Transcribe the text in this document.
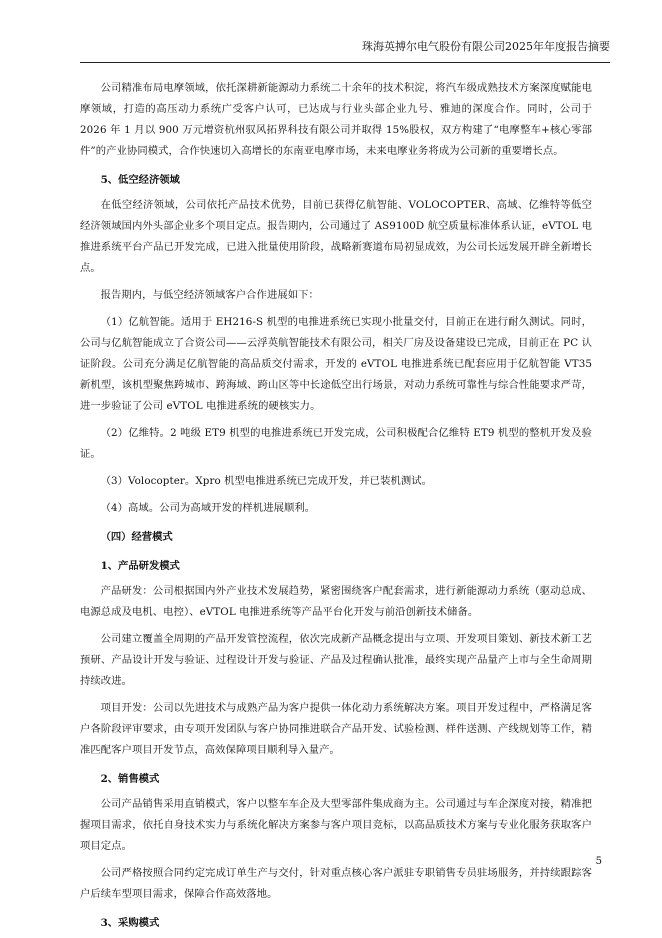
珠海英搏尔电气股份有限公司2025年年度报告摘要

公司精准布局电摩领域，依托深耕新能源动力系统二十余年的技术积淀，将汽车级成熟技术方案深度赋能电摩领域，打造的高压动力系统广受客户认可，已达成与行业头部企业九号、雅迪的深度合作。同时，公司于 2026 年 1 月以 900 万元增资杭州驭风拓界科技有限公司并取得 15%股权，双方构建了“电摩整车+核心零部件”的产业协同模式，合作快速切入高增长的东南亚电摩市场，未来电摩业务将成为公司新的重要增长点。

5、低空经济领域

在低空经济领域，公司依托产品技术优势，目前已获得亿航智能、VOLOCOPTER、高域、亿维特等低空经济领域国内外头部企业多个项目定点。报告期内，公司通过了 AS9100D 航空质量标准体系认证，eVTOL 电推进系统平台产品已开发完成，已进入批量使用阶段，战略新赛道布局初显成效，为公司长远发展开辟全新增长点。

报告期内，与低空经济领域客户合作进展如下：

（1）亿航智能。适用于 EH216-S 机型的电推进系统已实现小批量交付，目前正在进行耐久测试。同时，公司与亿航智能成立了合资公司——云浮英航智能技术有限公司，相关厂房及设备建设已完成，目前正在 PC 认证阶段。公司充分满足亿航智能的高品质交付需求，开发的 eVTOL 电推进系统已配套应用于亿航智能 VT35 新机型，该机型聚焦跨城市、跨海域、跨山区等中长途低空出行场景，对动力系统可靠性与综合性能要求严苛，进一步验证了公司 eVTOL 电推进系统的硬核实力。

（2）亿维特。2 吨级 ET9 机型的电推进系统已开发完成，公司积极配合亿维特 ET9 机型的整机开发及验证。

（3）Volocopter。Xpro 机型电推进系统已完成开发，并已装机测试。

（4）高域。公司为高域开发的样机进展顺利。

（四）经营模式
1、产品研发模式

产品研发：公司根据国内外产业技术发展趋势，紧密围绕客户配套需求，进行新能源动力系统（驱动总成、电源总成及电机、电控）、eVTOL 电推进系统等产品平台化开发与前沿创新技术储备。

公司建立覆盖全周期的产品开发管控流程，依次完成新产品概念提出与立项、开发项目策划、新技术新工艺预研、产品设计开发与验证、过程设计开发与验证、产品及过程确认批准，最终实现产品量产上市与全生命周期持续改进。

项目开发：公司以先进技术与成熟产品为客户提供一体化动力系统解决方案。项目开发过程中，严格满足客户各阶段评审要求，由专项开发团队与客户协同推进联合产品开发、试验检测、样件送测、产线规划等工作，精准匹配客户项目开发节点，高效保障项目顺利导入量产。

2、销售模式

公司产品销售采用直销模式，客户以整车车企及大型零部件集成商为主。公司通过与车企深度对接，精准把握项目需求，依托自身技术实力与系统化解决方案参与客户项目竞标，以高品质技术方案与专业化服务获取客户项目定点。

公司严格按照合同约定完成订单生产与交付，针对重点核心客户派驻专职销售专员驻场服务，并持续跟踪客户后续车型项目需求，保障合作高效落地。

3、采购模式
5
